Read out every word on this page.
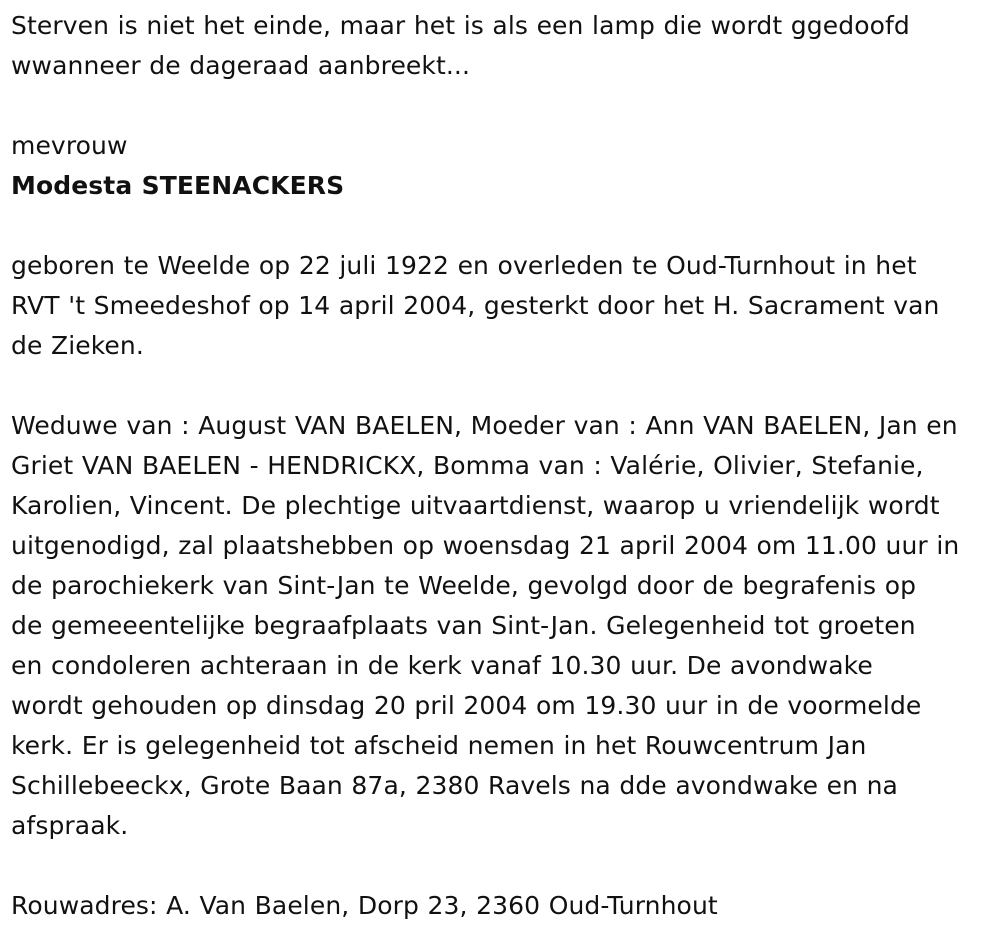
Sterven is niet het einde, maar het is als een lamp die wordt ggedoofd
wwanneer de dageraad aanbreekt...
mevrouw
Modesta STEENACKERS
geboren te Weelde op 22 juli 1922 en overleden te Oud-Turnhout in het
RVT 't Smeedeshof op 14 april 2004, gesterkt door het H. Sacrament van
de Zieken.
Weduwe van : August VAN BAELEN, Moeder van : Ann VAN BAELEN, Jan en
Griet VAN BAELEN - HENDRICKX, Bomma van : Valérie, Olivier, Stefanie,
Karolien, Vincent. De plechtige uitvaartdienst, waarop u vriendelijk wordt
uitgenodigd, zal plaatshebben op woensdag 21 april 2004 om 11.00 uur in
de parochiekerk van Sint-Jan te Weelde, gevolgd door de begrafenis op
de gemeeentelijke begraafplaats van Sint-Jan. Gelegenheid tot groeten
en condoleren achteraan in de kerk vanaf 10.30 uur. De avondwake
wordt gehouden op dinsdag 20 pril 2004 om 19.30 uur in de voormelde
kerk. Er is gelegenheid tot afscheid nemen in het Rouwcentrum Jan
Schillebeeckx, Grote Baan 87a, 2380 Ravels na dde avondwake en na
afspraak.
Rouwadres: A. Van Baelen, Dorp 23, 2360 Oud-Turnhout
